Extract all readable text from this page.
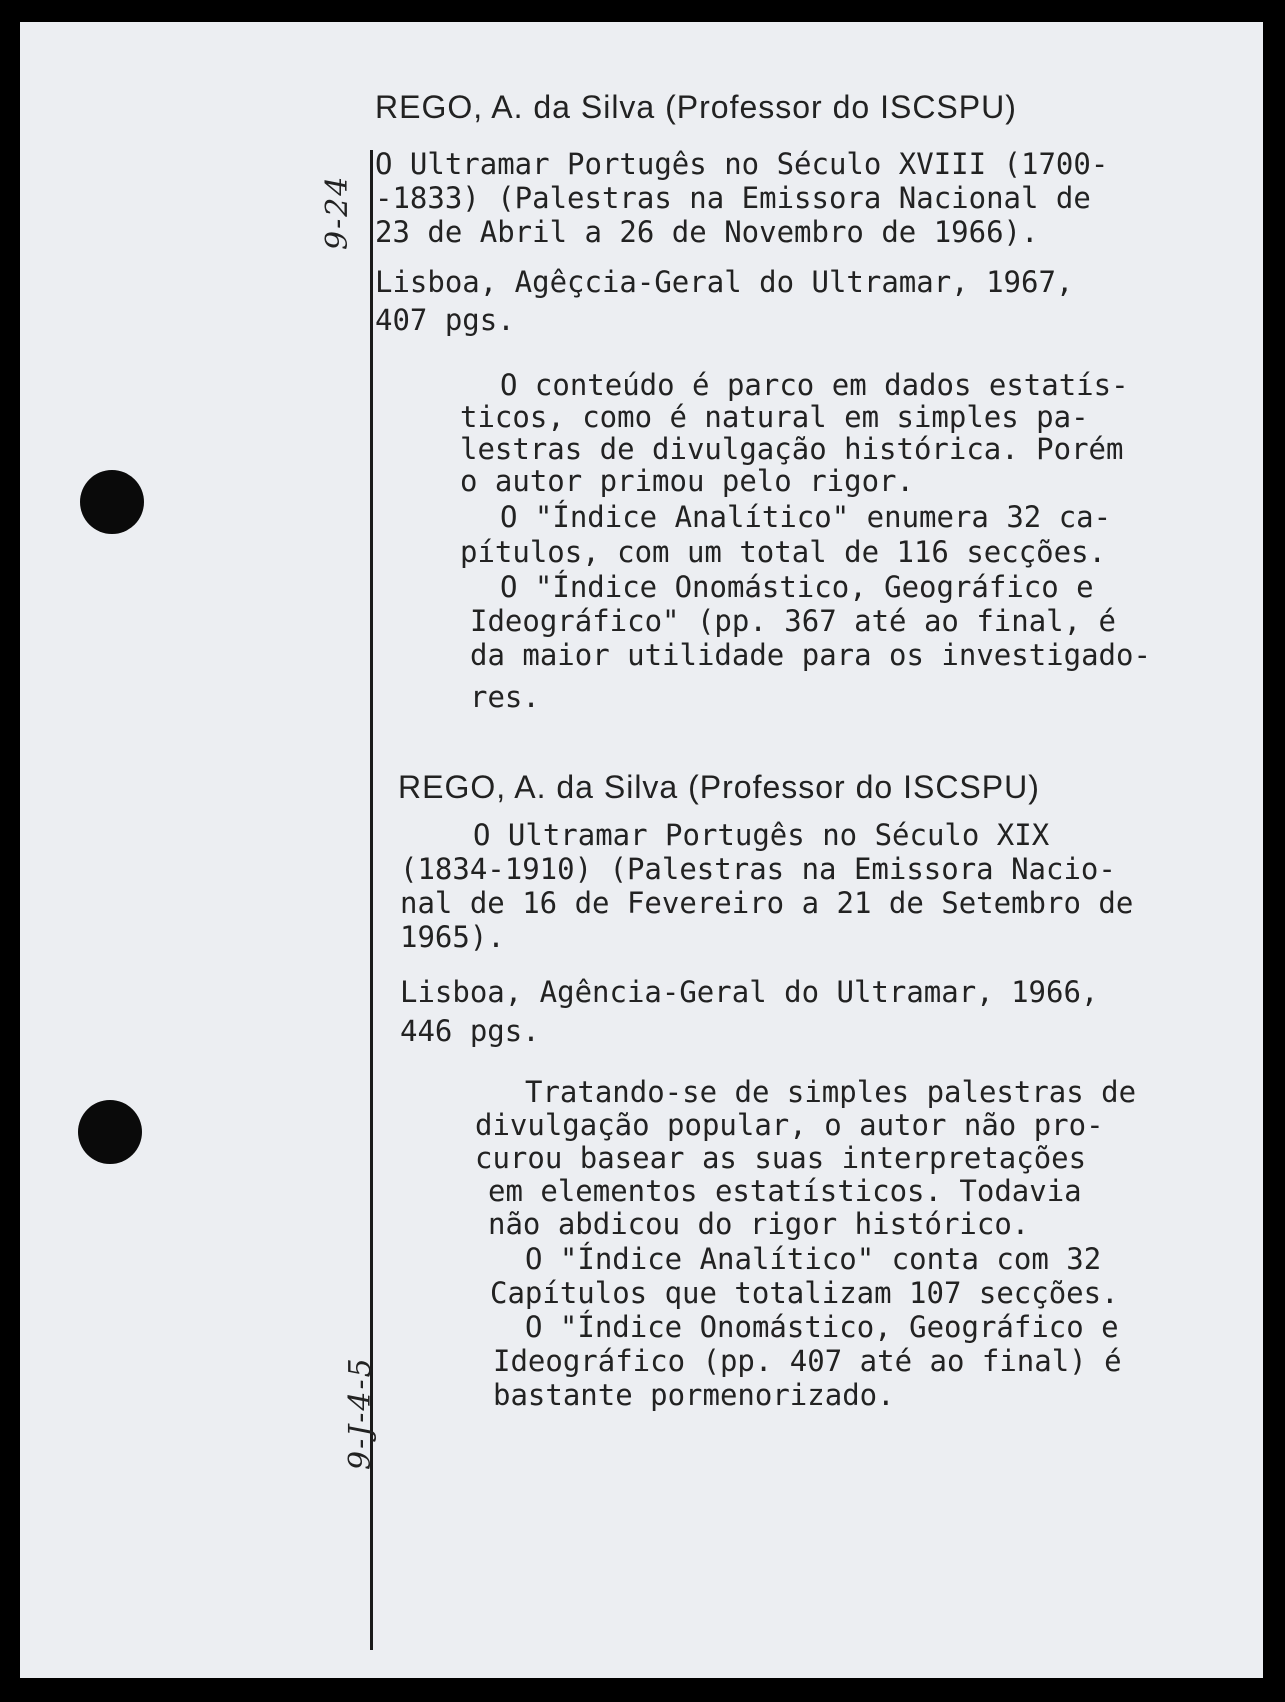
9-24
9-J-4-5

REGO, A. da Silva (Professor do ISCSPU)

O Ultramar Portugês no Século XVIII (1700-

-1833) (Palestras na Emissora Nacional de

23 de Abril a 26 de Novembro de 1966).

Lisboa, Agêçcia-Geral do Ultramar, 1967,

407 pgs.

O conteúdo é parco em dados estatís-

ticos, como é natural em simples pa-

lestras de divulgação histórica. Porém

o autor primou pelo rigor.

O "Índice Analítico" enumera 32 ca-

pítulos, com um total de 116 secções.

O "Índice Onomástico, Geográfico e

Ideográfico" (pp. 367 até ao final, é

da maior utilidade para os investigado-

res.

REGO, A. da Silva (Professor do ISCSPU)

O Ultramar Portugês no Século XIX

(1834-1910) (Palestras na Emissora Nacio-

nal de 16 de Fevereiro a 21 de Setembro de

1965).

Lisboa, Agência-Geral do Ultramar, 1966,

446 pgs.

Tratando-se de simples palestras de

divulgação popular, o autor não pro-

curou basear as suas interpretações

em elementos estatísticos. Todavia

não abdicou do rigor histórico.

O "Índice Analítico" conta com 32

Capítulos que totalizam 107 secções.

O "Índice Onomástico, Geográfico e

Ideográfico (pp. 407 até ao final) é

bastante pormenorizado.
